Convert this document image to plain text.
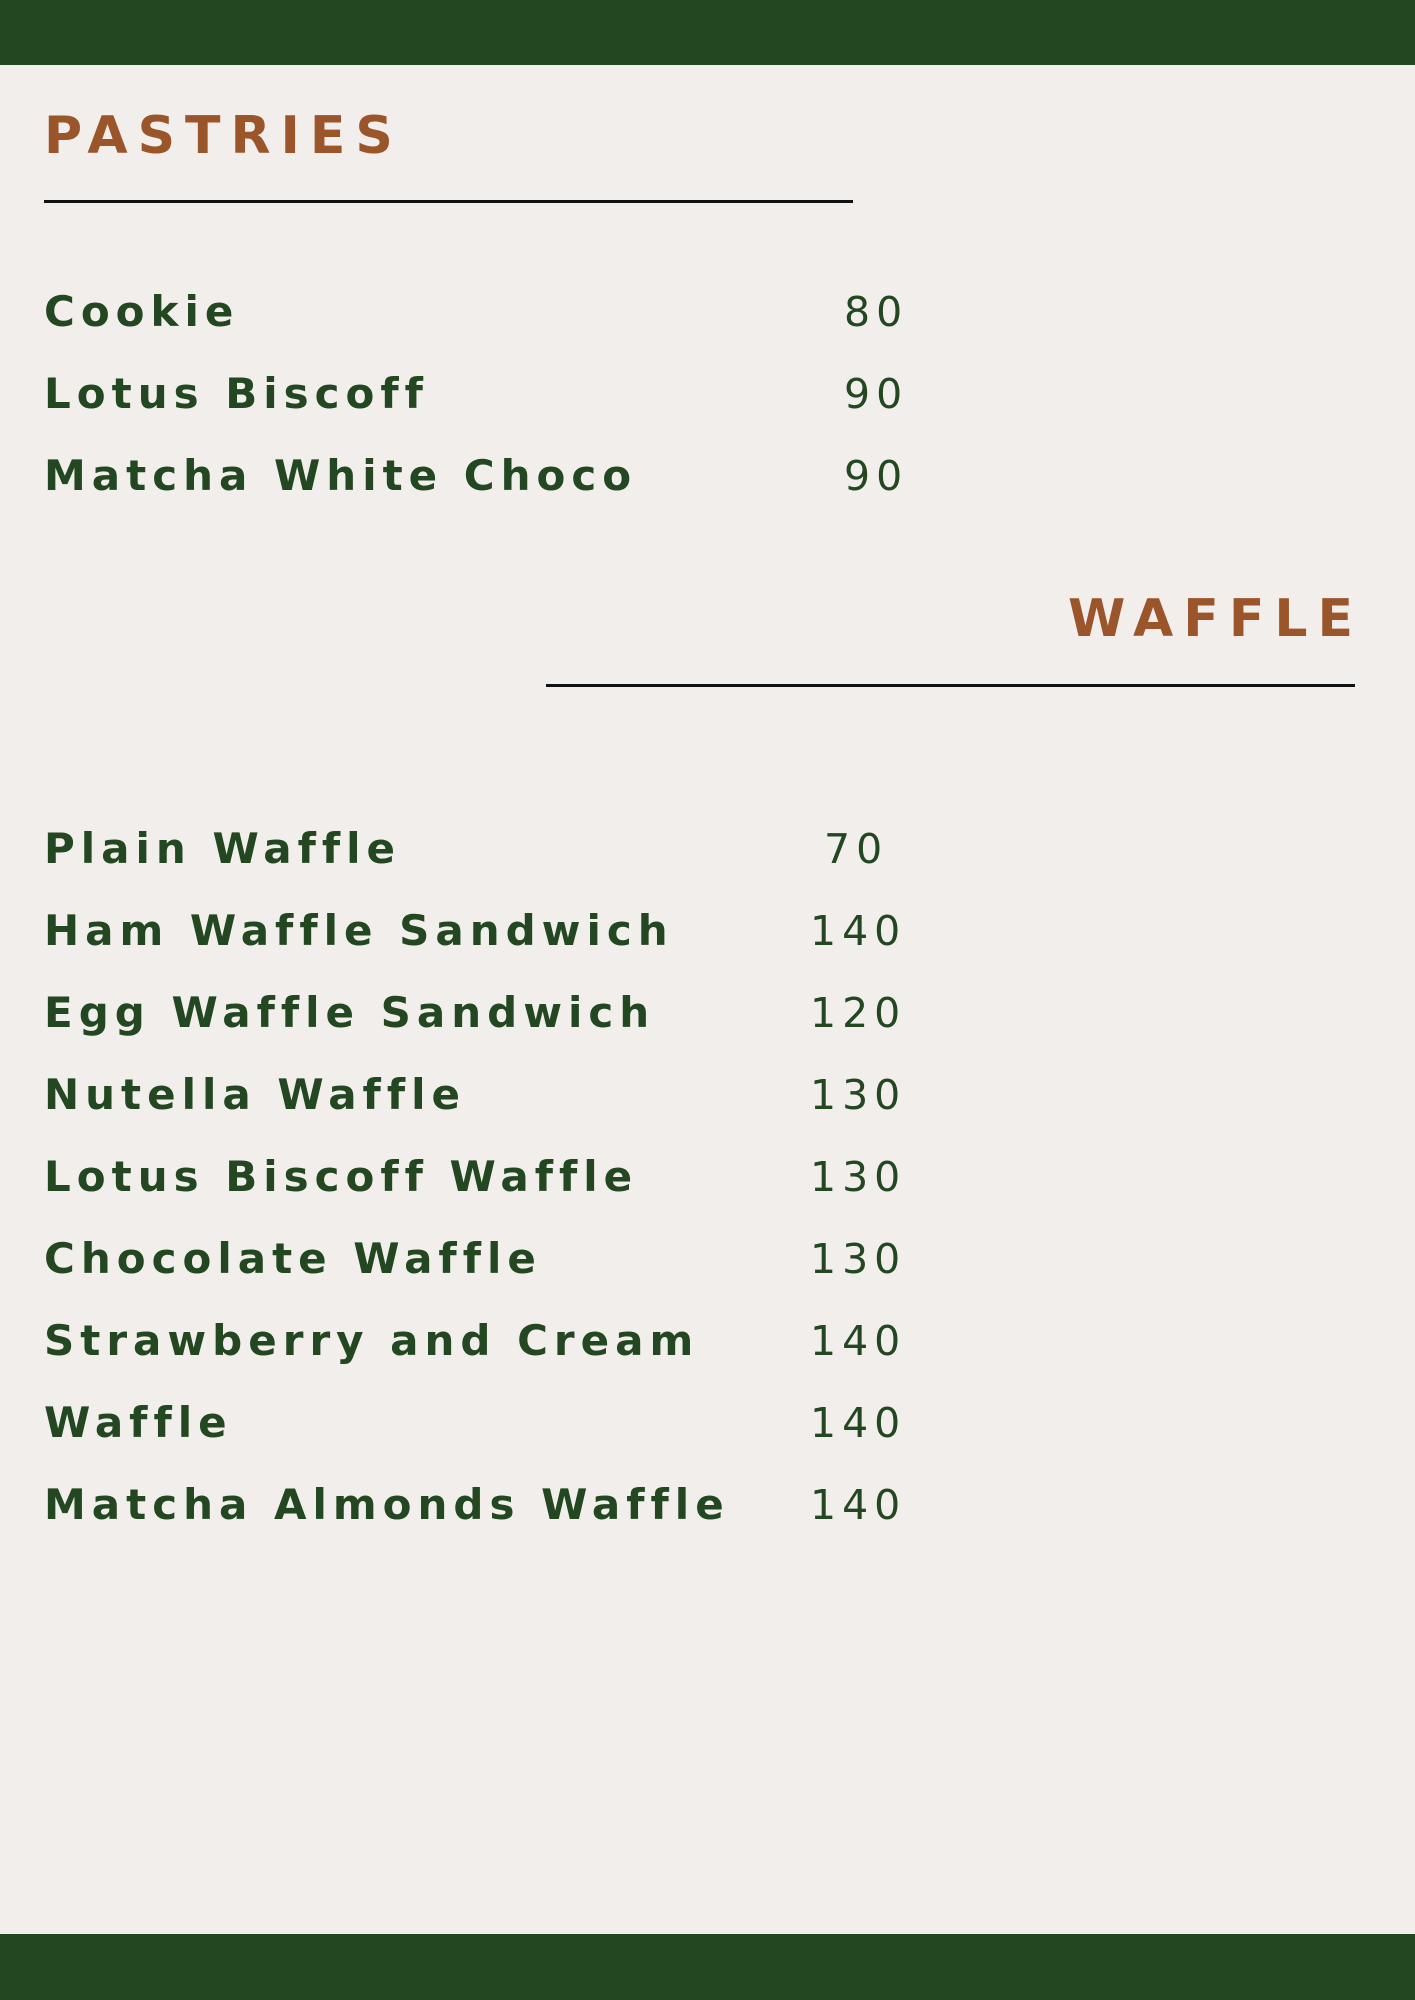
PASTRIES
Cookie	80
Lotus Biscoff	90
Matcha White Choco	90
WAFFLE
Plain Waffle	70
Ham Waffle Sandwich	140
Egg Waffle Sandwich	120
Nutella Waffle	130
Lotus Biscoff Waffle	130
Chocolate Waffle	130
Strawberry and Cream	140
Waffle	140
Matcha Almonds Waffle 140
